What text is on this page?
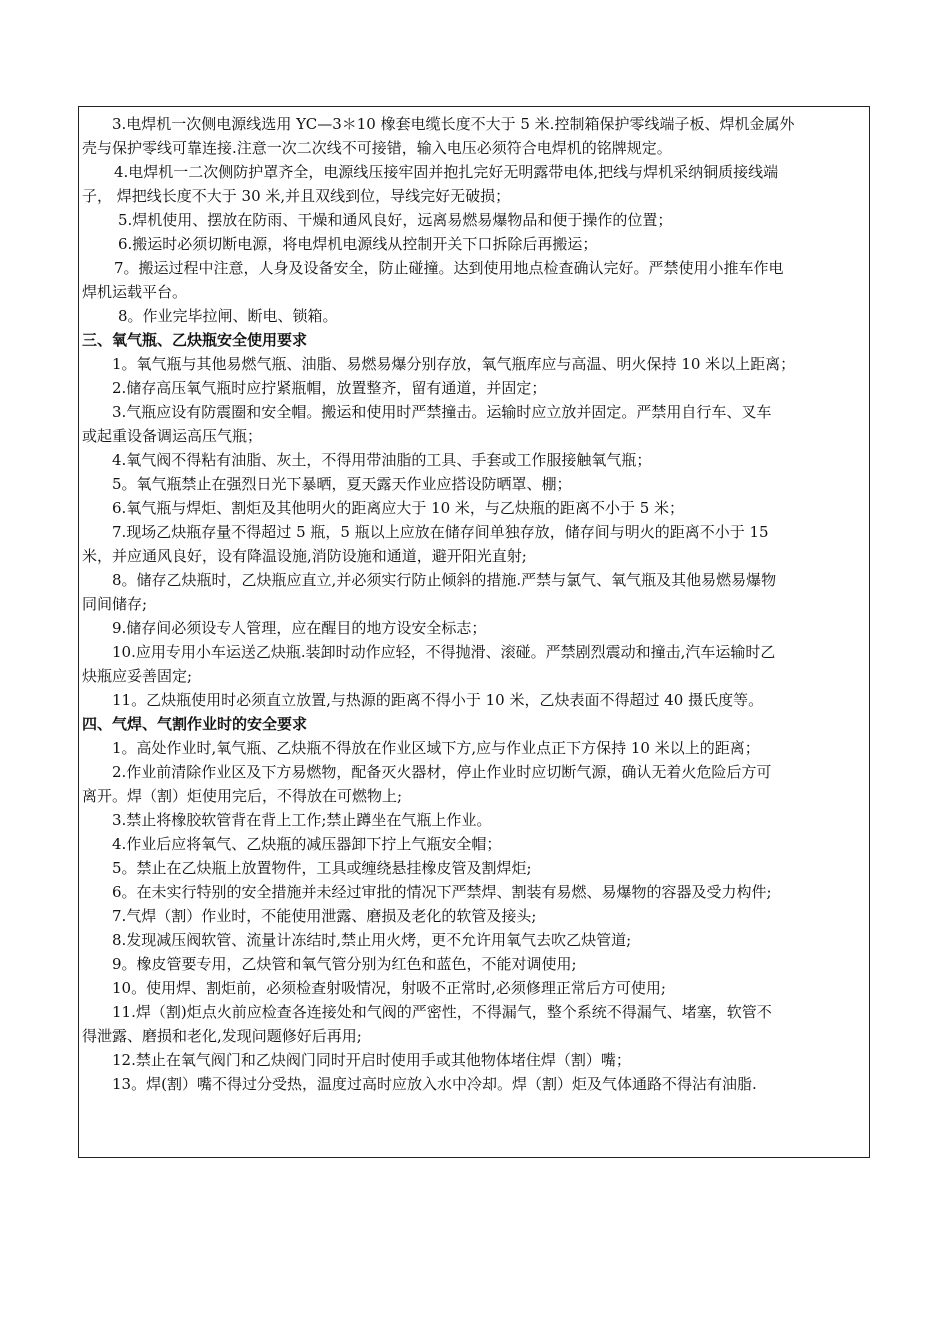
3.电焊机一次侧电源线选用 YC—3＊10 橡套电缆长度不大于 5 米.控制箱保护零线端子板、焊机金属外
壳与保护零线可靠连接.注意一次二次线不可接错，输入电压必须符合电焊机的铭牌规定。
4.电焊机一二次侧防护罩齐全，电源线压接牢固并抱扎完好无明露带电体,把线与焊机采纳铜质接线端
子， 焊把线长度不大于 30 米,并且双线到位，导线完好无破损；
5.焊机使用、摆放在防雨、干燥和通风良好，远离易燃易爆物品和便于操作的位置；
6.搬运时必须切断电源，将电焊机电源线从控制开关下口拆除后再搬运；
7。搬运过程中注意，人身及设备安全，防止碰撞。达到使用地点检查确认完好。严禁使用小推车作电
焊机运载平台。
8。作业完毕拉闸、断电、锁箱。
三、氧气瓶、乙炔瓶安全使用要求
1。氧气瓶与其他易燃气瓶、油脂、易燃易爆分别存放，氧气瓶库应与高温、明火保持 10 米以上距离；
2.储存高压氧气瓶时应拧紧瓶帽，放置整齐，留有通道，并固定；
3.气瓶应设有防震圈和安全帽。搬运和使用时严禁撞击。运输时应立放并固定。严禁用自行车、叉车
或起重设备调运高压气瓶；
4.氧气阀不得粘有油脂、灰土，不得用带油脂的工具、手套或工作服接触氧气瓶；
5。氧气瓶禁止在强烈日光下暴晒，夏天露天作业应搭设防晒罩、棚；
6.氧气瓶与焊炬、割炬及其他明火的距离应大于 10 米，与乙炔瓶的距离不小于 5 米；
7.现场乙炔瓶存量不得超过 5 瓶，5 瓶以上应放在储存间单独存放，储存间与明火的距离不小于 15
米，并应通风良好，设有降温设施,消防设施和通道，避开阳光直射;
8。储存乙炔瓶时，乙炔瓶应直立,并必须实行防止倾斜的措施.严禁与氯气、氧气瓶及其他易燃易爆物
同间储存;
9.储存间必须设专人管理，应在醒目的地方设安全标志；
10.应用专用小车运送乙炔瓶.装卸时动作应轻，不得抛滑、滚碰。严禁剧烈震动和撞击,汽车运输时乙
炔瓶应妥善固定;
11。乙炔瓶使用时必须直立放置,与热源的距离不得小于 10 米，乙炔表面不得超过 40 摄氏度等。
四、气焊、气割作业时的安全要求
1。高处作业时,氧气瓶、乙炔瓶不得放在作业区域下方,应与作业点正下方保持 10 米以上的距离；
2.作业前清除作业区及下方易燃物，配备灭火器材，停止作业时应切断气源，确认无着火危险后方可
离开。焊（割）炬使用完后，不得放在可燃物上;
3.禁止将橡胶软管背在背上工作;禁止蹲坐在气瓶上作业。
4.作业后应将氧气、乙炔瓶的减压器卸下拧上气瓶安全帽；
5。禁止在乙炔瓶上放置物件，工具或缠绕悬挂橡皮管及割焊炬;
6。在未实行特别的安全措施并未经过审批的情况下严禁焊、割装有易燃、易爆物的容器及受力构件;
7.气焊（割）作业时，不能使用泄露、磨损及老化的软管及接头;
8.发现减压阀软管、流量计冻结时,禁止用火烤，更不允许用氧气去吹乙炔管道;
9。橡皮管要专用，乙炔管和氧气管分别为红色和蓝色，不能对调使用;
10。使用焊、割炬前，必须检查射吸情况，射吸不正常时,必须修理正常后方可使用;
11.焊（割)炬点火前应检查各连接处和气阀的严密性，不得漏气，整个系统不得漏气、堵塞，软管不
得泄露、磨损和老化,发现问题修好后再用;
12.禁止在氧气阀门和乙炔阀门同时开启时使用手或其他物体堵住焊（割）嘴；
13。焊(割）嘴不得过分受热，温度过高时应放入水中冷却。焊（割）炬及气体通路不得沾有油脂.
